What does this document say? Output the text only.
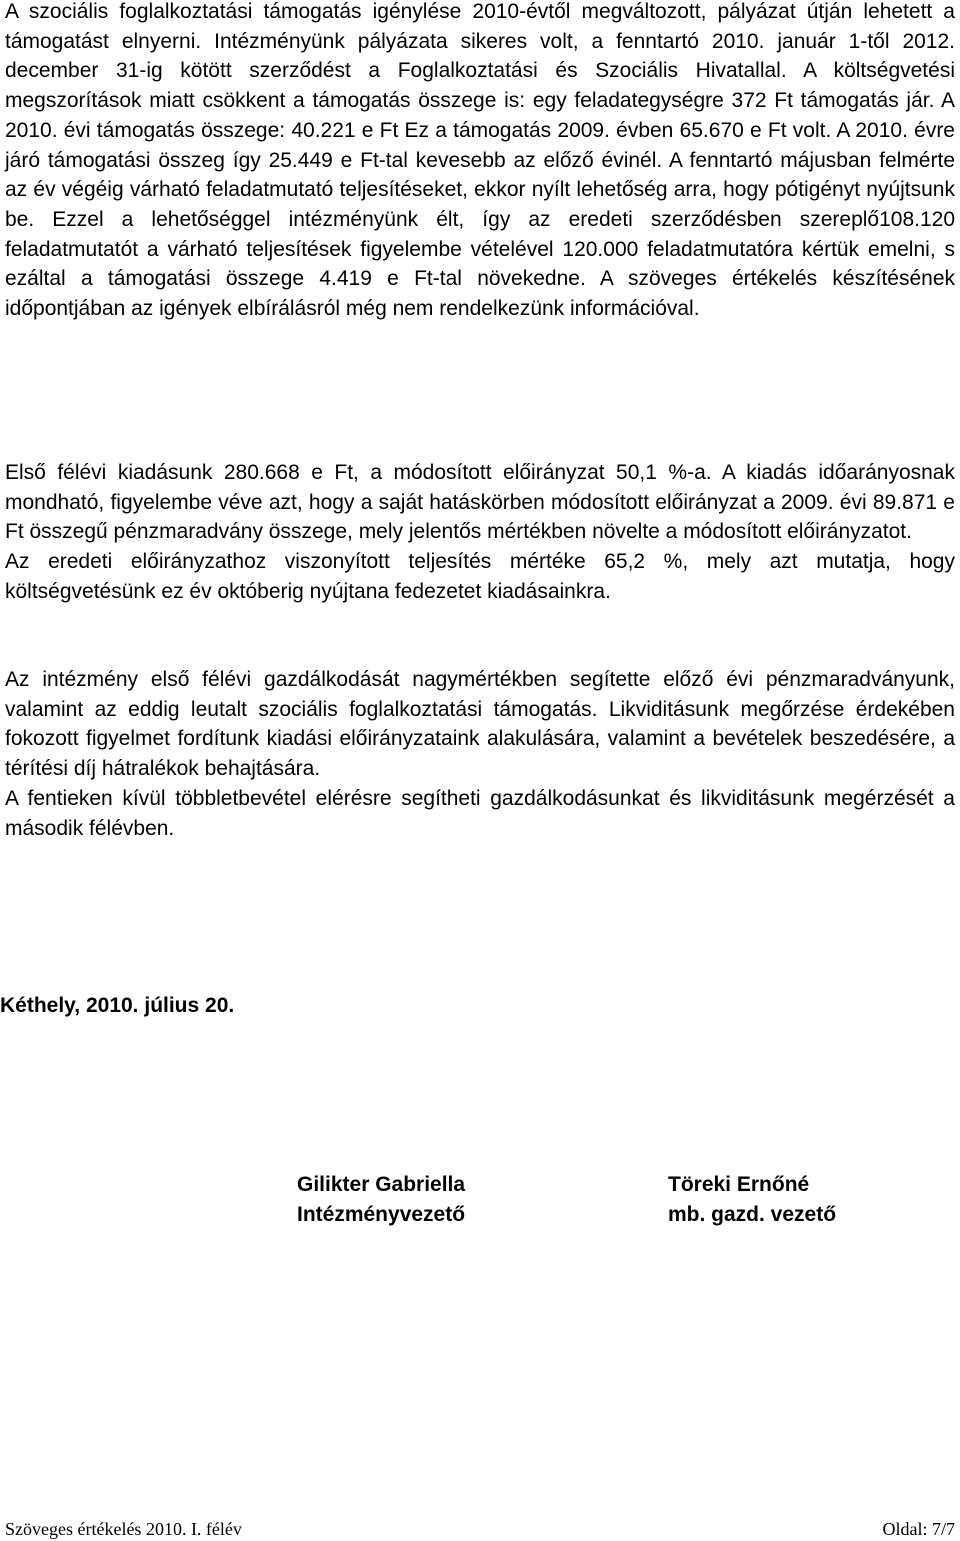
A szociális foglalkoztatási támogatás igénylése 2010-évtől megváltozott, pályázat útján lehetett a támogatást elnyerni. Intézményünk pályázata sikeres volt, a fenntartó 2010. január 1-től 2012. december 31-ig kötött szerződést a Foglalkoztatási és Szociális Hivatallal. A költségvetési megszorítások miatt csökkent a támogatás összege is: egy feladategységre 372 Ft támogatás jár. A 2010. évi támogatás összege: 40.221 e Ft Ez a támogatás 2009. évben 65.670 e Ft volt. A 2010. évre járó támogatási összeg így 25.449 e Ft-tal kevesebb az előző évinél. A fenntartó májusban felmérte az év végéig várható feladatmutató teljesítéseket, ekkor nyílt lehetőség arra, hogy pótigényt nyújtsunk be. Ezzel a lehetőséggel intézményünk élt, így az eredeti szerződésben szereplő108.120 feladatmutatót a várható teljesítések figyelembe vételével 120.000 feladatmutatóra kértük emelni, s ezáltal a támogatási összege 4.419 e Ft-tal növekedne. A szöveges értékelés készítésének időpontjában az igények elbírálásról még nem rendelkezünk információval.

Első félévi kiadásunk 280.668 e Ft, a módosított előirányzat 50,1 %-a. A kiadás időarányosnak mondható, figyelembe véve azt, hogy a saját hatáskörben módosított előirányzat a 2009. évi 89.871 e Ft összegű pénzmaradvány összege, mely jelentős mértékben növelte a módosított előirányzatot.

Az eredeti előirányzathoz viszonyított teljesítés mértéke 65,2 %, mely azt mutatja, hogy költségvetésünk ez év októberig nyújtana fedezetet kiadásainkra.

Az intézmény első félévi gazdálkodását nagymértékben segítette előző évi pénzmaradványunk, valamint az eddig leutalt szociális foglalkoztatási támogatás. Likviditásunk megőrzése érdekében fokozott figyelmet fordítunk kiadási előirányzataink alakulására, valamint a bevételek beszedésére, a térítési díj hátralékok behajtására.

A fentieken kívül többletbevétel elérésre segítheti gazdálkodásunkat és likviditásunk megérzését a második félévben.

Kéthely, 2010. július 20.
Gilikter Gabriella
Intézményvezető
Töreki Ernőné
mb. gazd. vezető
Szöveges értékelés 2010. I. félév	Oldal: 7/7
